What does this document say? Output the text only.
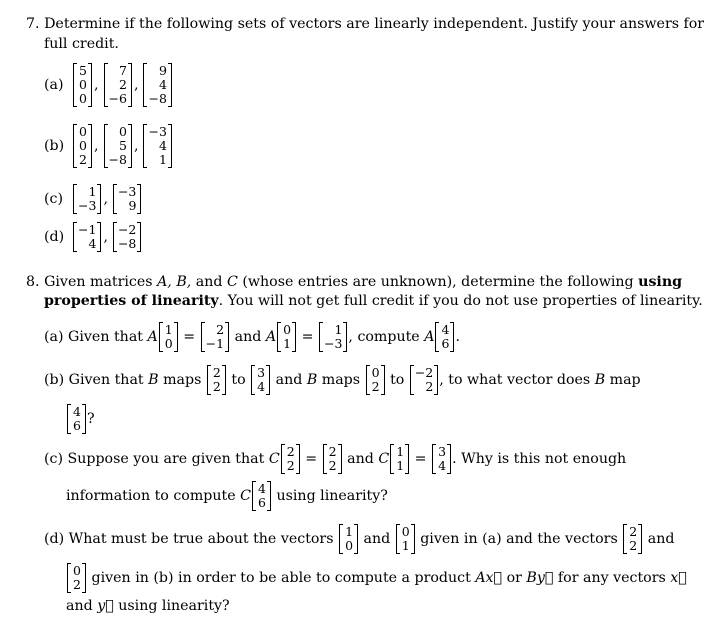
7. Determine if the following sets of vectors are linearly independent. Justify your answers for
full credit.
(a)
5
0
0
,
7
2
−6
,
9
4
−8
(b)
0
0
2
,
0
5
−8
,
−3
4
1
(c)	1
−3 , −3
9
(d) −1
4 , −2
−8
8. Given matrices A, B, and C (whose entries are unknown), determine the following using
properties of linearity. You will not get full credit if you do not use properties of linearity.
(a) Given that A 1
0 =	2
−1 and A 0
1 =	1
−3 , compute A 4
6 .
(b) Given that B maps 2
2 to 3
4 and B maps 0
2 to −2
2 , to what vector does B map
4
6 ?
(c) Suppose you are given that C 2
2 = 2
2 and C 1
1 = 3
4 . Why is this not enough
information to compute C 4
6 using linearity?
(d) What must be true about the vectors 1
0 and 0
1 given in (a) and the vectors 2
2 and
0
2 given in (b) in order to be able to compute a product Ax⃗ or By⃗ for any vectors x⃗
and y⃗ using linearity?
